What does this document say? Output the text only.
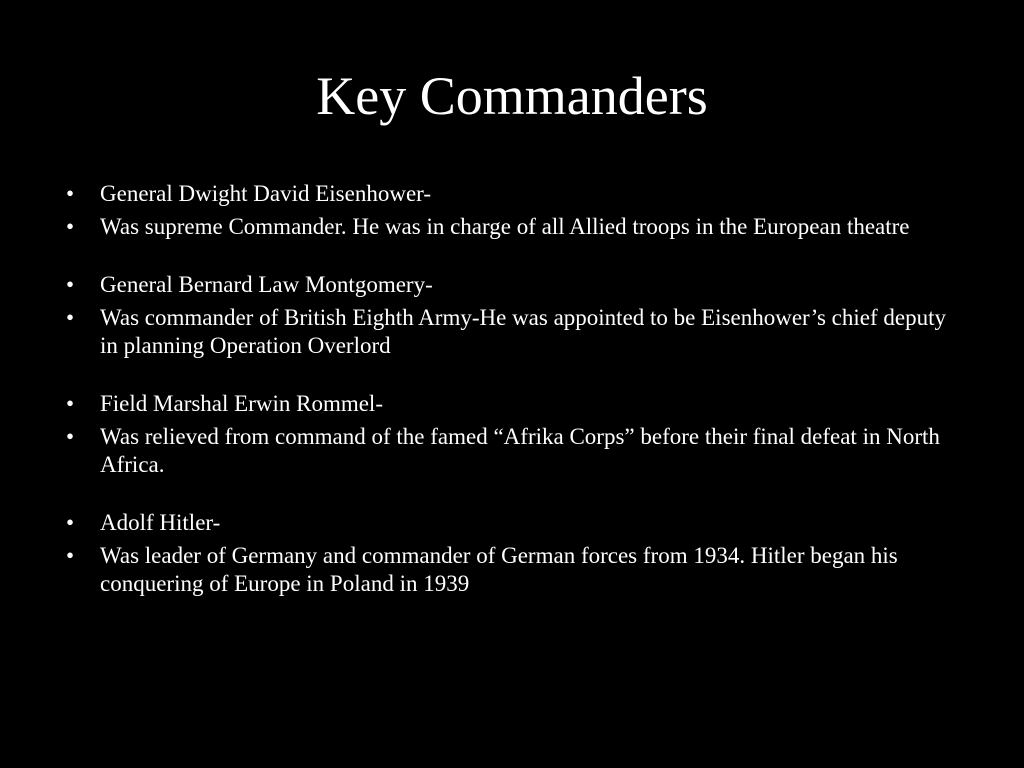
Key Commanders
•	General Dwight David Eisenhower-
•	Was supreme Commander. He was in charge of all Allied troops in the European theatre
•	General Bernard Law Montgomery-
•	Was commander of British Eighth Army-He was appointed to be Eisenhower’s chief deputy in planning Operation Overlord
•	Field Marshal Erwin Rommel-
•	Was relieved from command of the famed “Afrika Corps” before their final defeat in North Africa.
•	Adolf Hitler-
•	Was leader of Germany and commander of German forces from 1934. Hitler began his conquering of Europe in Poland in 1939
